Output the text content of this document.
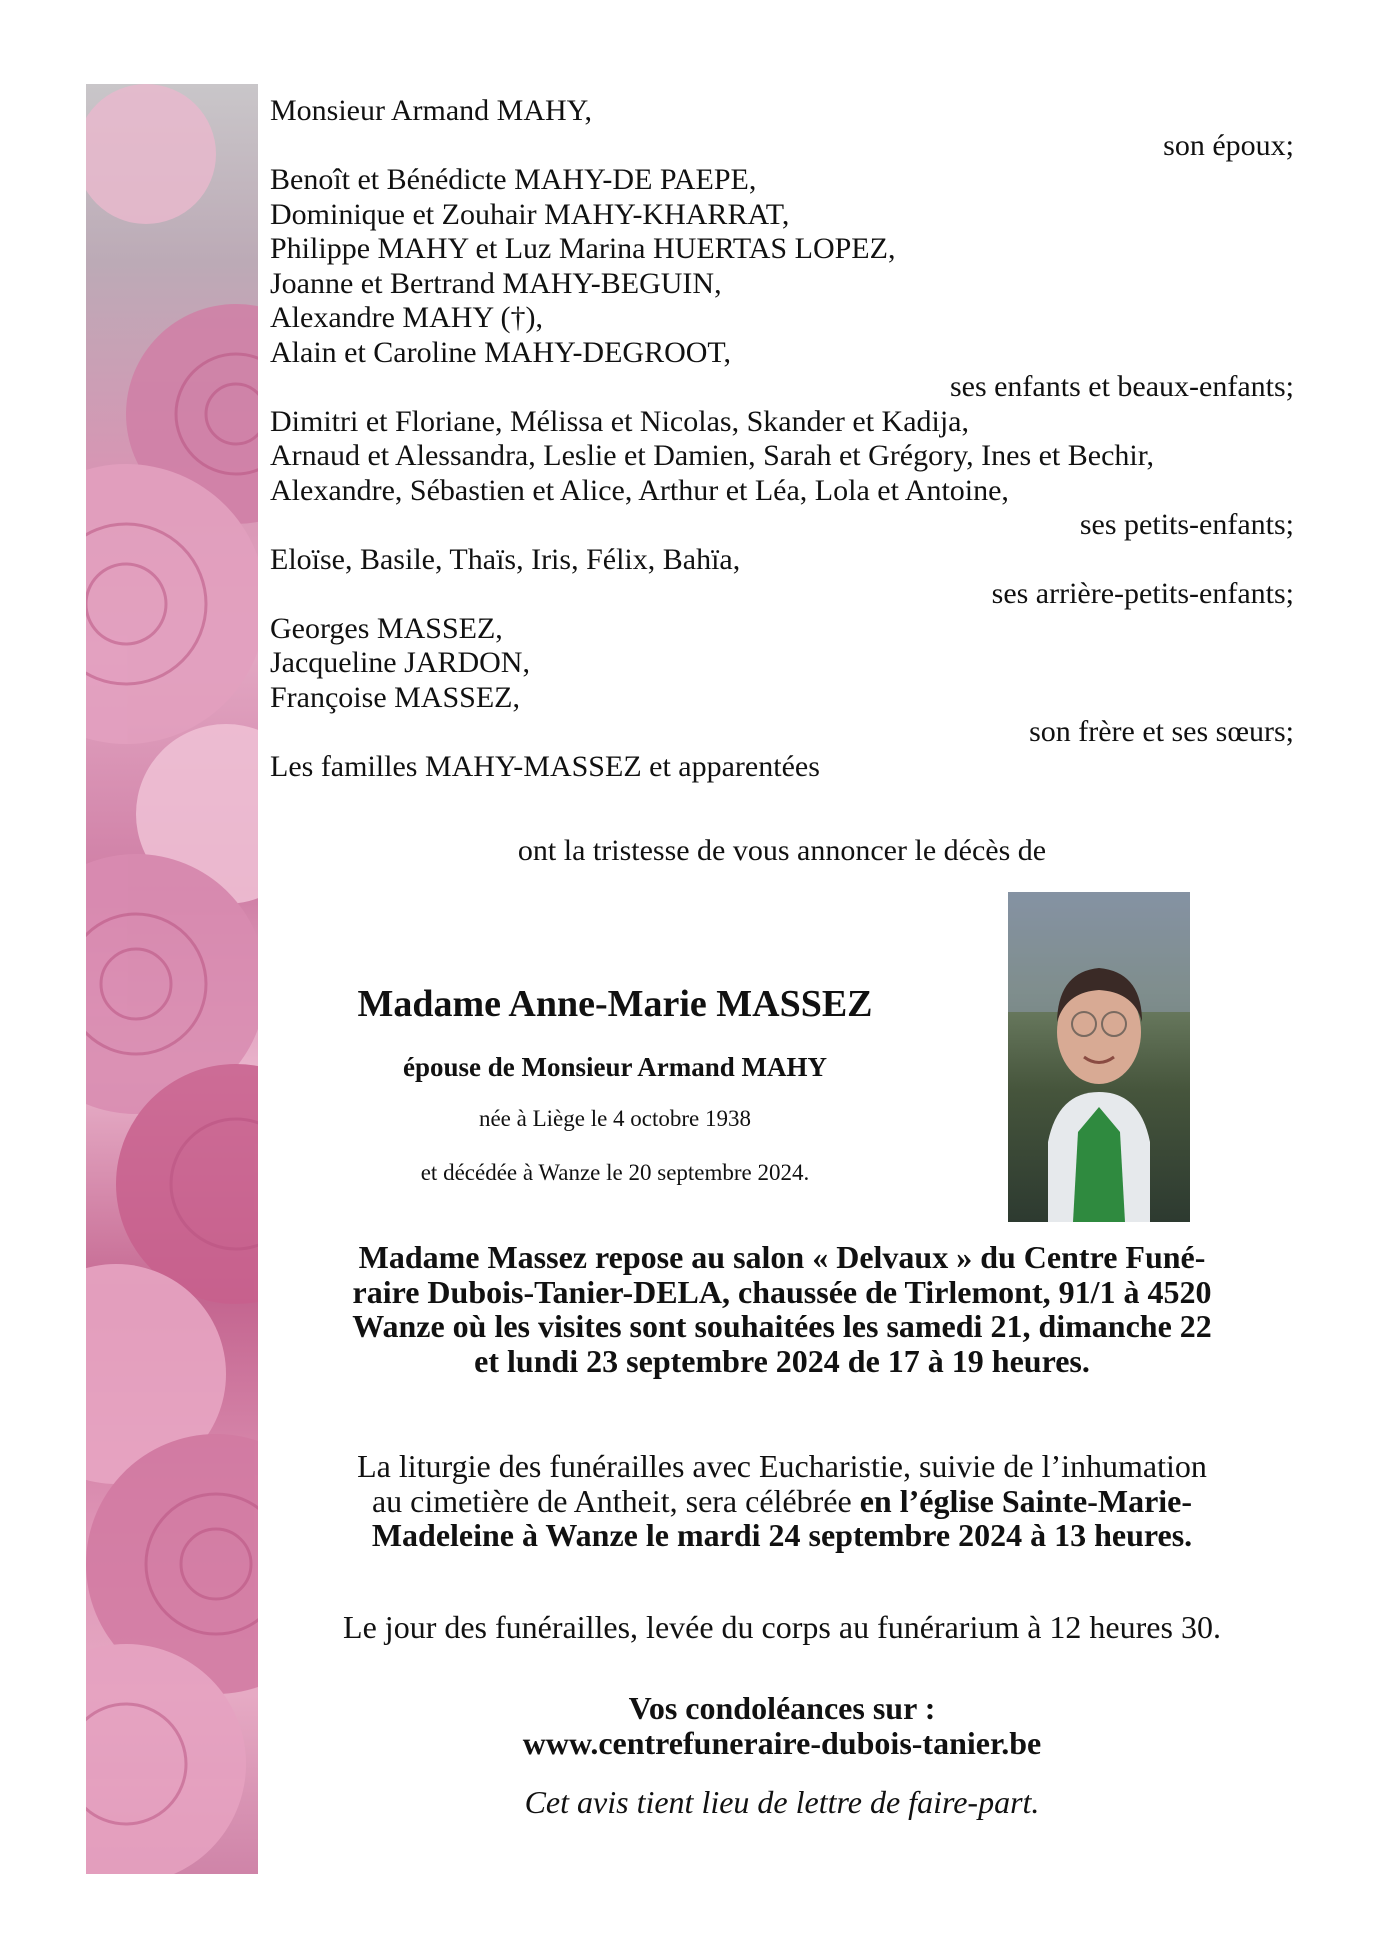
Monsieur Armand MAHY,
son époux;
Benoît et Bénédicte MAHY-DE PAEPE,
Dominique et Zouhair MAHY-KHARRAT,
Philippe MAHY et Luz Marina HUERTAS LOPEZ,
Joanne et Bertrand MAHY-BEGUIN,
Alexandre MAHY (†),
Alain et Caroline MAHY-DEGROOT,
ses enfants et beaux-enfants;
Dimitri et Floriane, Mélissa et Nicolas, Skander et Kadija,
Arnaud et Alessandra, Leslie et Damien, Sarah et Grégory, Ines et Bechir,
Alexandre, Sébastien et Alice, Arthur et Léa, Lola et Antoine,
ses petits-enfants;
Eloïse, Basile, Thaïs, Iris, Félix, Bahïa,
ses arrière-petits-enfants;
Georges MASSEZ,
Jacqueline JARDON,
Françoise MASSEZ,
son frère et ses sœurs;
Les familles MAHY-MASSEZ et apparentées
ont la tristesse de vous annoncer le décès de
Madame Anne-Marie MASSEZ
épouse de Monsieur Armand MAHY
née à Liège le 4 octobre 1938
et décédée à Wanze le 20 septembre 2024.
Madame Massez repose au salon « Delvaux » du Centre Funé-
raire Dubois-Tanier-DELA, chaussée de Tirlemont, 91/1 à 4520
Wanze où les visites sont souhaitées les samedi 21, dimanche 22
et lundi 23 septembre 2024 de 17 à 19 heures.
La liturgie des funérailles avec Eucharistie, suivie de l’inhumation
au cimetière de Antheit, sera célébrée en l’église Sainte-Marie-
Madeleine à Wanze le mardi 24 septembre 2024 à 13 heures.
Le jour des funérailles, levée du corps au funérarium à 12 heures 30.
Vos condoléances sur :
www.centrefuneraire-dubois-tanier.be
Cet avis tient lieu de lettre de faire-part.
